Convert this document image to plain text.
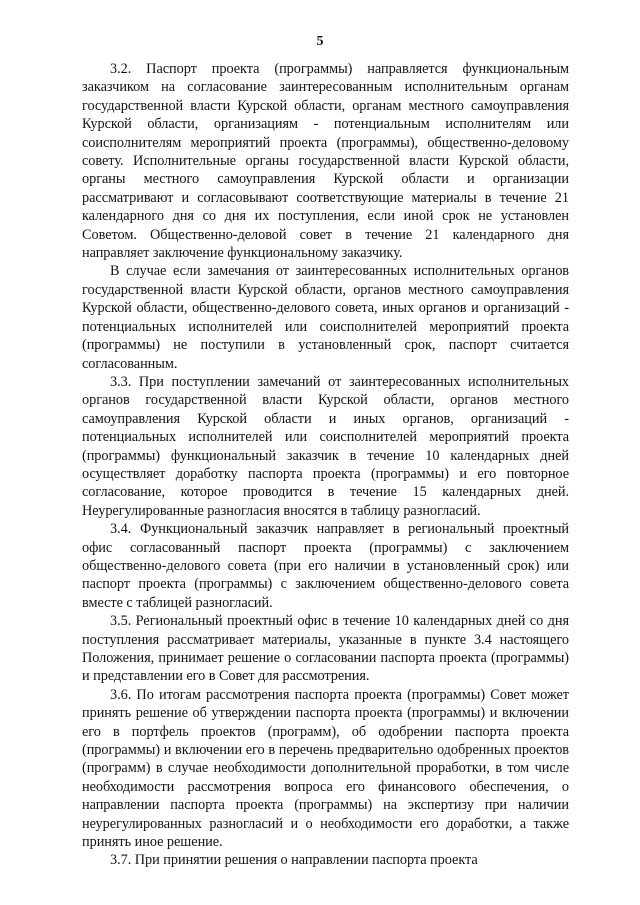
5

3.2. Паспорт проекта (программы) направляется функциональным заказчиком на согласование заинтересованным исполнительным органам государственной власти Курской области, органам местного самоуправления Курской области, организациям - потенциальным исполнителям или соисполнителям мероприятий проекта (программы), общественно-деловому совету. Исполнительные органы государственной власти Курской области, органы местного самоуправления Курской области и организации рассматривают и согласовывают соответствующие материалы в течение 21 календарного дня со дня их поступления, если иной срок не установлен Советом. Общественно-деловой совет в течение 21 календарного дня направляет заключение функциональному заказчику.

В случае если замечания от заинтересованных исполнительных органов государственной власти Курской области, органов местного самоуправления Курской области, общественно-делового совета, иных органов и организаций - потенциальных исполнителей или соисполнителей мероприятий проекта (программы) не поступили в установленный срок, паспорт считается согласованным.

3.3. При поступлении замечаний от заинтересованных исполнительных органов государственной власти Курской области, органов местного самоуправления Курской области и иных органов, организаций - потенциальных исполнителей или соисполнителей мероприятий проекта (программы) функциональный заказчик в течение 10 календарных дней осуществляет доработку паспорта проекта (программы) и его повторное согласование, которое проводится в течение 15 календарных дней. Неурегулированные разногласия вносятся в таблицу разногласий.

3.4. Функциональный заказчик направляет в региональный проектный офис согласованный паспорт проекта (программы) с заключением общественно-делового совета (при его наличии в установленный срок) или паспорт проекта (программы) с заключением общественно-делового совета вместе с таблицей разногласий.

3.5. Региональный проектный офис в течение 10 календарных дней со дня поступления рассматривает материалы, указанные в пункте 3.4 настоящего Положения, принимает решение о согласовании паспорта проекта (программы) и представлении его в Совет для рассмотрения.

3.6. По итогам рассмотрения паспорта проекта (программы) Совет может принять решение об утверждении паспорта проекта (программы) и включении его в портфель проектов (программ), об одобрении паспорта проекта (программы) и включении его в перечень предварительно одобренных проектов (программ) в случае необходимости дополнительной проработки, в том числе необходимости рассмотрения вопроса его финансового обеспечения, о направлении паспорта проекта (программы) на экспертизу при наличии неурегулированных разногласий и о необходимости его доработки, а также принять иное решение.

3.7. При принятии решения о направлении паспорта проекта
